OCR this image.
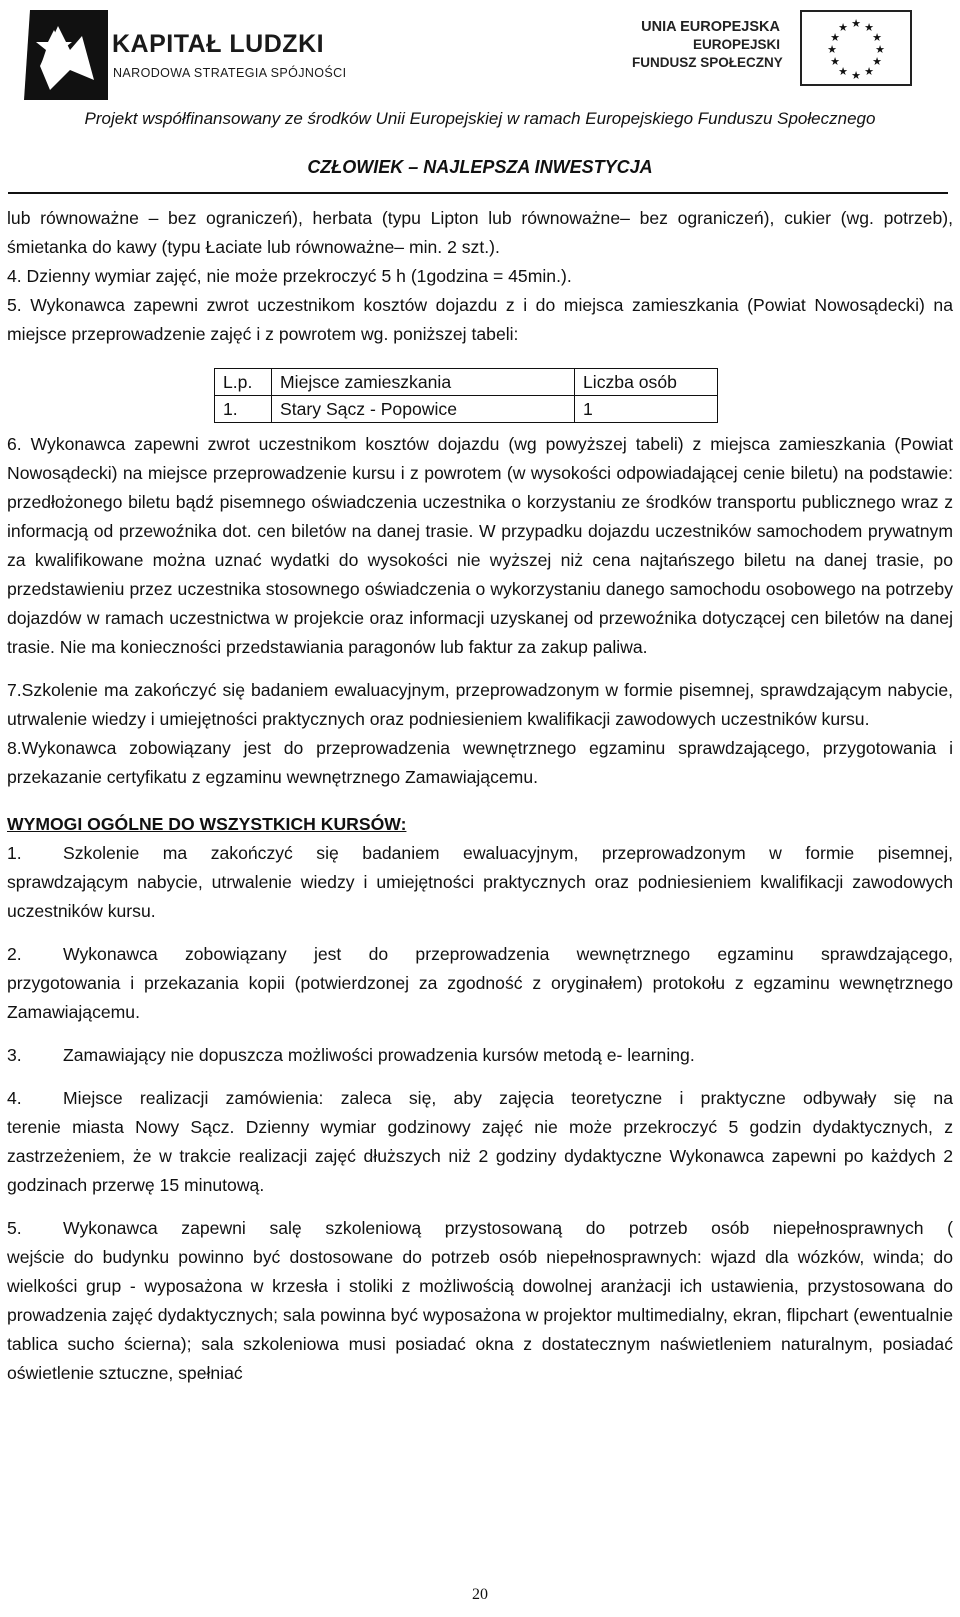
KAPITAŁ LUDZKI
NARODOWA STRATEGIA SPÓJNOŚCI
UNIA EUROPEJSKA
EUROPEJSKI
FUNDUSZ SPOŁECZNY
★ ★
★
★
★
★
★
★
★
★
★
★
Projekt współfinansowany ze środków Unii Europejskiej w ramach Europejskiego Funduszu Społecznego
CZŁOWIEK – NAJLEPSZA INWESTYCJA

lub równoważne – bez ograniczeń), herbata (typu Lipton lub równoważne– bez ograniczeń), cukier (wg. potrzeb), śmietanka do kawy (typu Łaciate lub równoważne– min. 2 szt.).

4. Dzienny wymiar zajęć, nie może przekroczyć 5 h (1godzina = 45min.).

5. Wykonawca zapewni zwrot uczestnikom kosztów dojazdu z i do miejsca zamieszkania (Powiat Nowosądecki) na miejsce przeprowadzenie zajęć i z powrotem wg. poniższej tabeli:

L.p.	Miejsce zamieszkania	Liczba osób
1.	Stary Sącz - Popowice	1

6. Wykonawca zapewni zwrot uczestnikom kosztów dojazdu (wg powyższej tabeli) z miejsca zamieszkania (Powiat Nowosądecki) na miejsce przeprowadzenie kursu i z powrotem (w wysokości odpowiadającej cenie biletu) na podstawie: przedłożonego biletu bądź pisemnego oświadczenia uczestnika o korzystaniu ze środków transportu publicznego wraz z informacją od przewoźnika dot. cen biletów na danej trasie. W przypadku dojazdu uczestników samochodem prywatnym za kwalifikowane można uznać wydatki do wysokości nie wyższej niż cena najtańszego biletu na danej trasie, po przedstawieniu przez uczestnika stosownego oświadczenia o wykorzystaniu danego samochodu osobowego na potrzeby dojazdów w ramach uczestnictwa w projekcie oraz informacji uzyskanej od przewoźnika dotyczącej cen biletów na danej trasie. Nie ma konieczności przedstawiania paragonów lub faktur za zakup paliwa.

7.Szkolenie ma zakończyć się badaniem ewaluacyjnym, przeprowadzonym w formie pisemnej, sprawdzającym nabycie, utrwalenie wiedzy i umiejętności praktycznych oraz podniesieniem kwalifikacji zawodowych uczestników kursu.

8.Wykonawca zobowiązany jest do przeprowadzenia wewnętrznego egzaminu sprawdzającego, przygotowania i przekazanie certyfikatu z egzaminu wewnętrznego Zamawiającemu.

WYMOGI OGÓLNE DO WSZYSTKICH KURSÓW:

1.	Szkolenie ma zakończyć się badaniem ewaluacyjnym, przeprowadzonym w formie pisemnej,

sprawdzającym nabycie, utrwalenie wiedzy i umiejętności praktycznych oraz podniesieniem kwalifikacji zawodowych uczestników kursu.

2.	Wykonawca zobowiązany jest do przeprowadzenia wewnętrznego egzaminu sprawdzającego,

przygotowania i przekazania kopii (potwierdzonej za zgodność z oryginałem) protokołu z egzaminu wewnętrznego Zamawiającemu.

3.	Zamawiający nie dopuszcza możliwości prowadzenia kursów metodą e- learning.
4.	Miejsce realizacji zamówienia: zaleca się, aby zajęcia teoretyczne i praktyczne odbywały się na

terenie miasta Nowy Sącz. Dzienny wymiar godzinowy zajęć nie może przekroczyć 5 godzin dydaktycznych, z zastrzeżeniem, że w trakcie realizacji zajęć dłuższych niż 2 godziny dydaktyczne Wykonawca zapewni po każdych 2 godzinach przerwę 15 minutową.

5.	Wykonawca zapewni salę szkoleniową przystosowaną do potrzeb osób niepełnosprawnych (

wejście do budynku powinno być dostosowane do potrzeb osób niepełnosprawnych: wjazd dla wózków, winda; do wielkości grup - wyposażona w krzesła i stoliki z możliwością dowolnej aranżacji ich ustawienia, przystosowana do prowadzenia zajęć dydaktycznych; sala powinna być wyposażona w projektor multimedialny, ekran, flipchart (ewentualnie tablica sucho ścierna); sala szkoleniowa musi posiadać okna z dostatecznym naświetleniem naturalnym, posiadać oświetlenie sztuczne, spełniać

20
